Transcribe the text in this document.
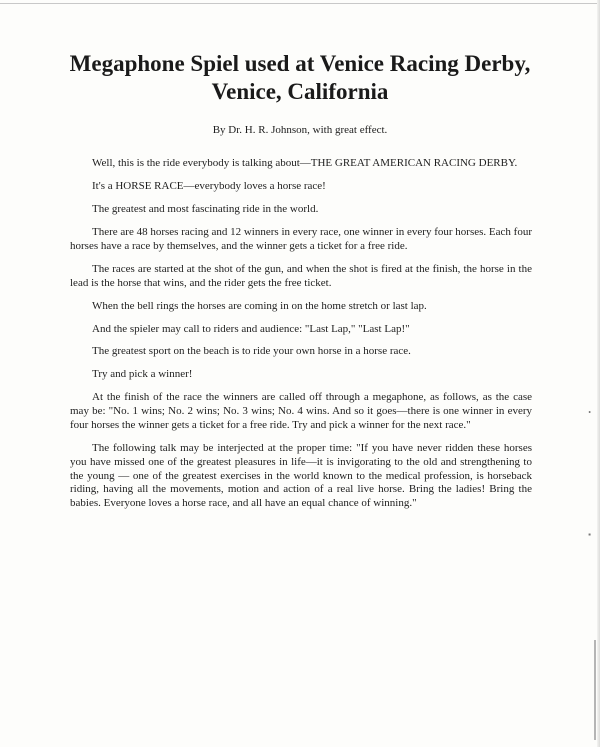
•
▪
Megaphone Spiel used at Venice Racing Derby, Venice, California
By Dr. H. R. Johnson, with great effect.

Well, this is the ride everybody is talking about—THE GREAT AMERICAN RACING DERBY.

It's a HORSE RACE—everybody loves a horse race!

The greatest and most fascinating ride in the world.

There are 48 horses racing and 12 winners in every race, one winner in every four horses. Each four horses have a race by themselves, and the winner gets a ticket for a free ride.

The races are started at the shot of the gun, and when the shot is fired at the finish, the horse in the lead is the horse that wins, and the rider gets the free ticket.

When the bell rings the horses are coming in on the home stretch or last lap.

And the spieler may call to riders and audience: "Last Lap," "Last Lap!"

The greatest sport on the beach is to ride your own horse in a horse race.

Try and pick a winner!

At the finish of the race the winners are called off through a megaphone, as follows, as the case may be: "No. 1 wins; No. 2 wins; No. 3 wins; No. 4 wins. And so it goes—there is one winner in every four horses the winner gets a ticket for a free ride. Try and pick a winner for the next race."

The following talk may be interjected at the proper time: "If you have never ridden these horses you have missed one of the greatest pleasures in life—it is invigorating to the old and strengthening to the young — one of the greatest exercises in the world known to the medical profession, is horseback riding, having all the movements, motion and action of a real live horse. Bring the ladies! Bring the babies. Everyone loves a horse race, and all have an equal chance of winning."
